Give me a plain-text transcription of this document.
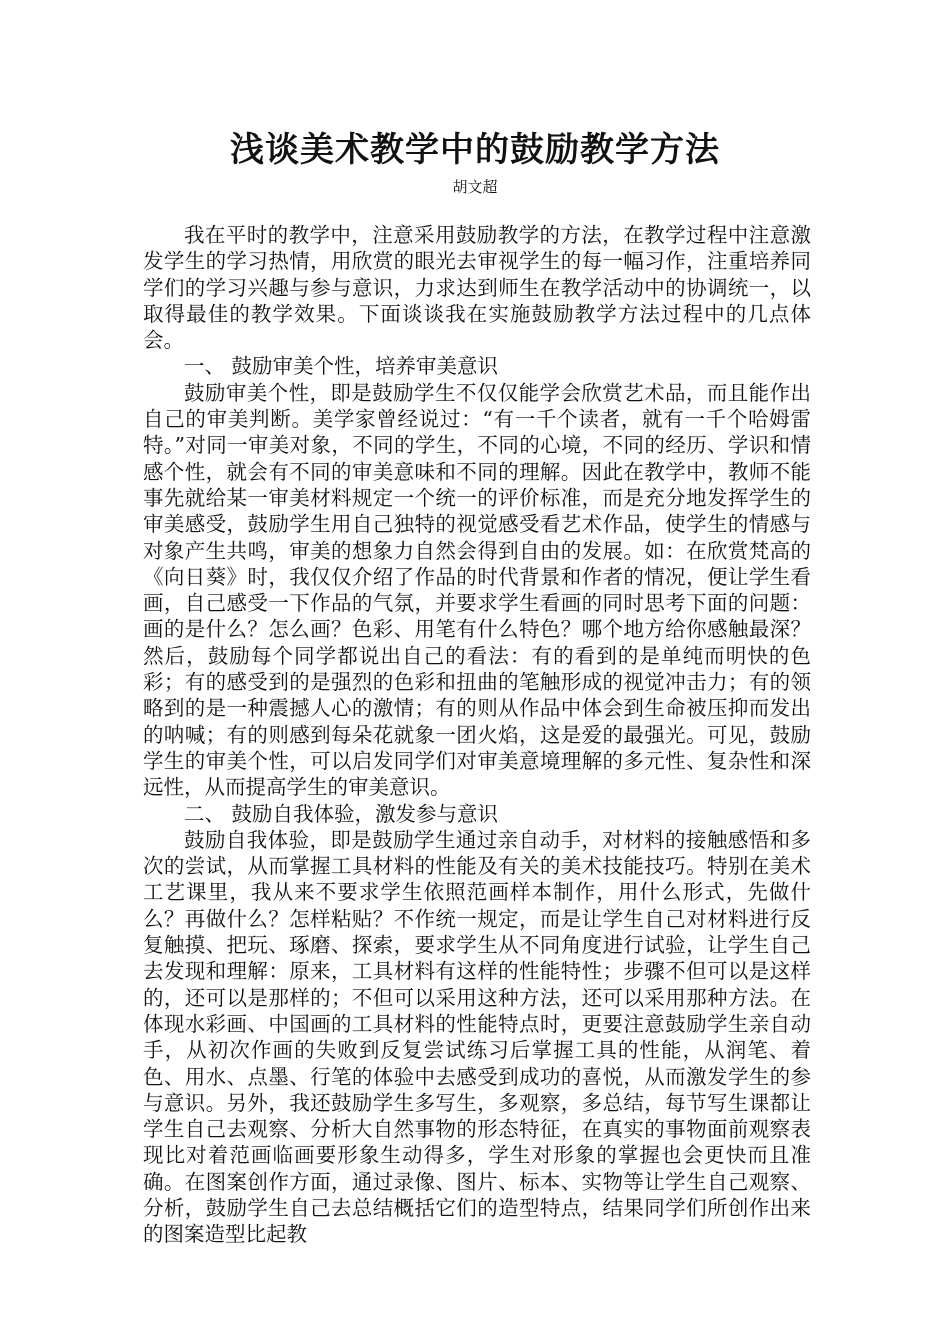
浅谈美术教学中的鼓励教学方法
胡文超

我在平时的教学中，注意采用鼓励教学的方法，在教学过程中注意激发学生的学习热情，用欣赏的眼光去审视学生的每一幅习作，注重培养同学们的学习兴趣与参与意识，力求达到师生在教学活动中的协调统一，以取得最佳的教学效果。下面谈谈我在实施鼓励教学方法过程中的几点体会。

一、 鼓励审美个性，培养审美意识

鼓励审美个性，即是鼓励学生不仅仅能学会欣赏艺术品，而且能作出自己的审美判断。美学家曾经说过：“有一千个读者，就有一千个哈姆雷特。”对同一审美对象，不同的学生，不同的心境，不同的经历、学识和情感个性，就会有不同的审美意味和不同的理解。因此在教学中，教师不能事先就给某一审美材料规定一个统一的评价标准，而是充分地发挥学生的审美感受，鼓励学生用自己独特的视觉感受看艺术作品，使学生的情感与对象产生共鸣，审美的想象力自然会得到自由的发展。如：在欣赏梵高的《向日葵》时，我仅仅介绍了作品的时代背景和作者的情况，便让学生看画，自己感受一下作品的气氛，并要求学生看画的同时思考下面的问题：画的是什么？怎么画？色彩、用笔有什么特色？哪个地方给你感触最深？然后，鼓励每个同学都说出自己的看法：有的看到的是单纯而明快的色彩；有的感受到的是强烈的色彩和扭曲的笔触形成的视觉冲击力；有的领略到的是一种震撼人心的激情；有的则从作品中体会到生命被压抑而发出的呐喊；有的则感到每朵花就象一团火焰，这是爱的最强光。可见，鼓励学生的审美个性，可以启发同学们对审美意境理解的多元性、复杂性和深远性，从而提高学生的审美意识。

二、 鼓励自我体验，激发参与意识

鼓励自我体验，即是鼓励学生通过亲自动手，对材料的接触感悟和多次的尝试，从而掌握工具材料的性能及有关的美术技能技巧。特别在美术工艺课里，我从来不要求学生依照范画样本制作，用什么形式，先做什么？再做什么？怎样粘贴？不作统一规定，而是让学生自己对材料进行反复触摸、把玩、琢磨、探索，要求学生从不同角度进行试验，让学生自己去发现和理解：原来，工具材料有这样的性能特性；步骤不但可以是这样的，还可以是那样的；不但可以采用这种方法，还可以采用那种方法。在体现水彩画、中国画的工具材料的性能特点时，更要注意鼓励学生亲自动手，从初次作画的失败到反复尝试练习后掌握工具的性能，从润笔、着色、用水、点墨、行笔的体验中去感受到成功的喜悦，从而激发学生的参与意识。另外，我还鼓励学生多写生，多观察，多总结，每节写生课都让学生自己去观察、分析大自然事物的形态特征，在真实的事物面前观察表现比对着范画临画要形象生动得多，学生对形象的掌握也会更快而且准确。在图案创作方面，通过录像、图片、标本、实物等让学生自己观察、分析，鼓励学生自己去总结概括它们的造型特点，结果同学们所创作出来的图案造型比起教
